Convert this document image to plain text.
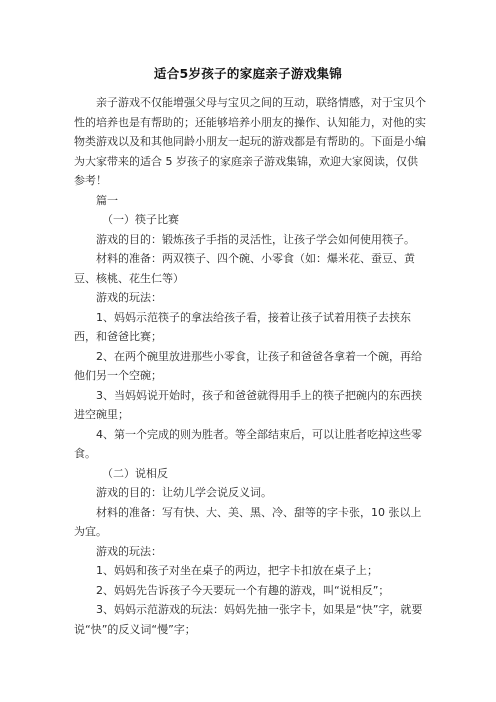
适合5岁孩子的家庭亲子游戏集锦

亲子游戏不仅能增强父母与宝贝之间的互动，联络情感，对于宝贝个性的培养也是有帮助的；还能够培养小朋友的操作、认知能力，对他的实物类游戏以及和其他同龄小朋友一起玩的游戏都是有帮助的。下面是小编为大家带来的适合 5 岁孩子的家庭亲子游戏集锦，欢迎大家阅读，仅供参考！

篇一

（一）筷子比赛

游戏的目的：锻炼孩子手指的灵活性，让孩子学会如何使用筷子。

材料的准备：两双筷子、四个碗、小零食（如：爆米花、蚕豆、黄豆、核桃、花生仁等）

游戏的玩法：

1、妈妈示范筷子的拿法给孩子看，接着让孩子试着用筷子去挟东西，和爸爸比赛；

2、在两个碗里放进那些小零食，让孩子和爸爸各拿着一个碗，再给他们另一个空碗；

3、当妈妈说开始时，孩子和爸爸就得用手上的筷子把碗内的东西挟进空碗里；

4、第一个完成的则为胜者。等全部结束后，可以让胜者吃掉这些零食。

（二）说相反

游戏的目的：让幼儿学会说反义词。

材料的准备：写有快、大、美、黑、冷、甜等的字卡张，10 张以上为宜。

游戏的玩法：

1、妈妈和孩子对坐在桌子的两边，把字卡扣放在桌子上；

2、妈妈先告诉孩子今天要玩一个有趣的游戏，叫“说相反”；

3、妈妈示范游戏的玩法：妈妈先抽一张字卡，如果是“快”字，就要说“快”的反义词“慢”字；
